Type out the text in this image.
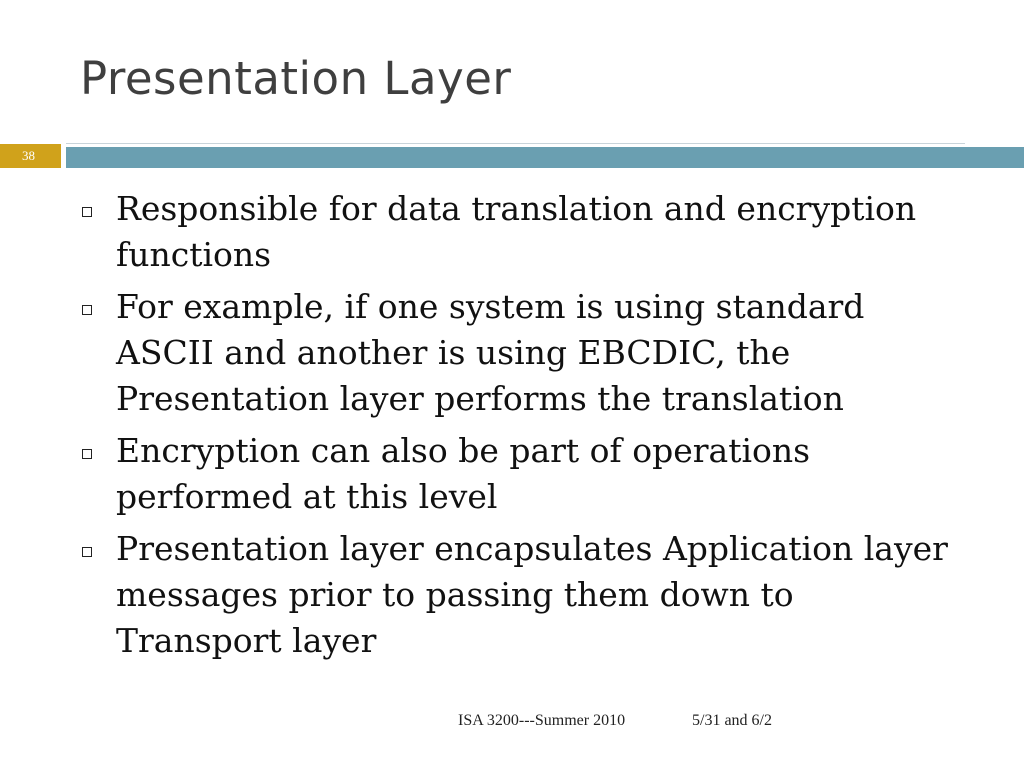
Presentation Layer
38
Responsible for data translation and encryption functions
For example, if one system is using standard ASCII and another is using EBCDIC, the Presentation layer performs the translation
Encryption can also be part of operations performed at this level
Presentation layer encapsulates Application layer messages prior to passing them down to Transport layer
ISA 3200---Summer 2010	5/31 and 6/2
